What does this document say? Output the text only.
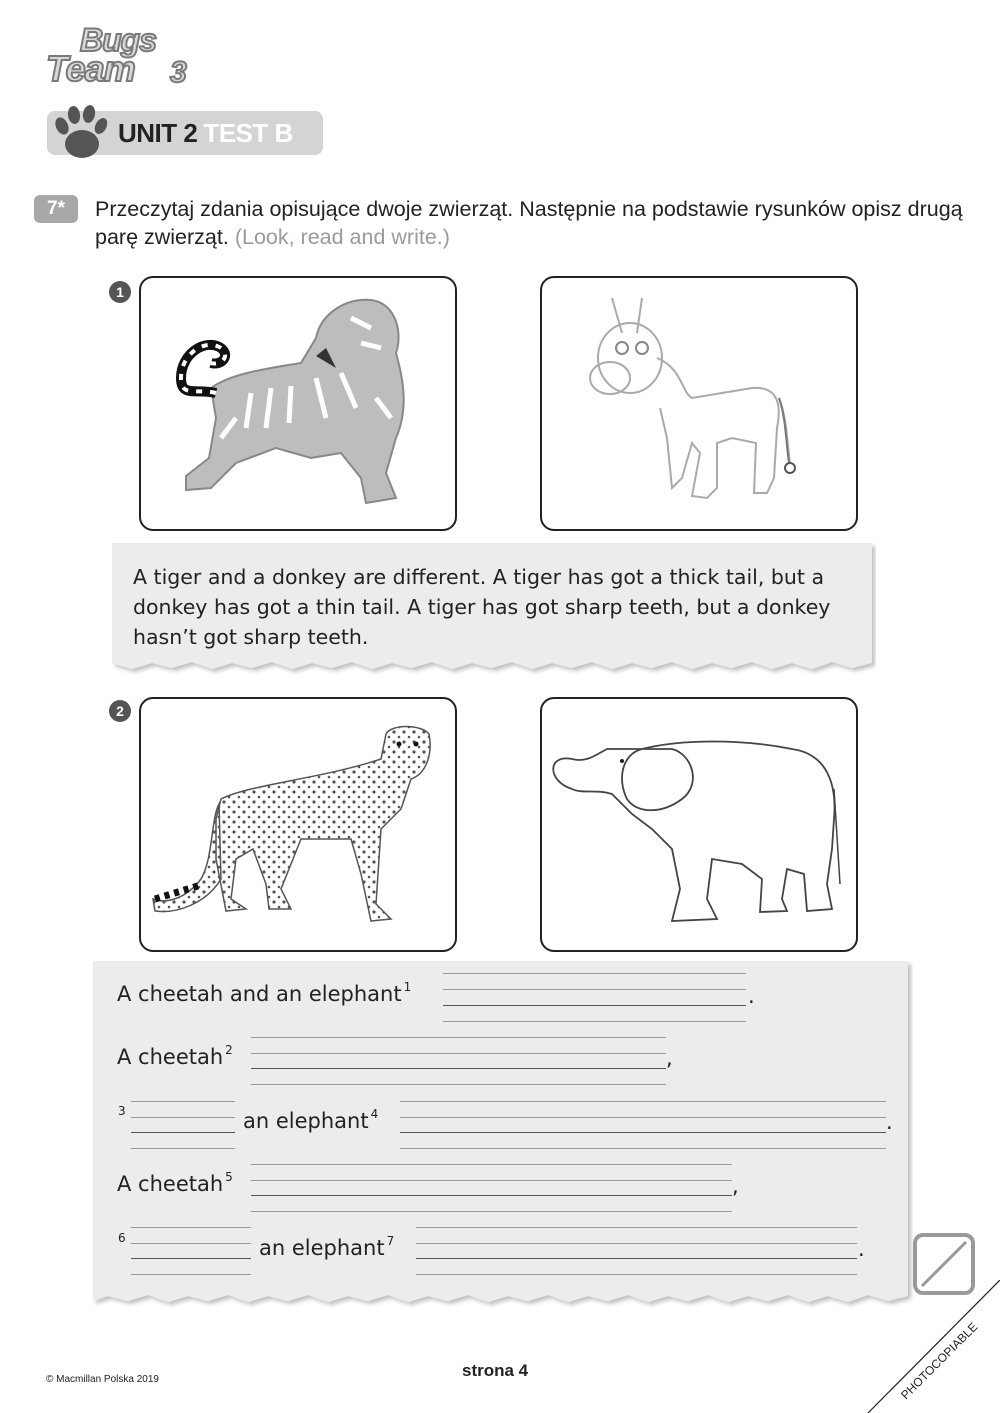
Bugs
Team 3
UNIT 2 TEST B
7*	Przeczytaj zdania opisujące dwoje zwierząt. Następnie na podstawie rysunków opisz drugą parę zwierząt. (Look, read and write.)
1
A tiger and a donkey are different. A tiger has got a thick tail, but a donkey has got a thin tail. A tiger has got sharp teeth, but a donkey hasn’t got sharp teeth.
2
A cheetah and an elephant $^1$	.
A cheetah $^2$	,
$^3$	an elephant $^4$	.
A cheetah $^5$	,
$^6$	an elephant $^7$	.
© Macmillan Polska 2019	strona 4	PHOTOCOPIABLE
